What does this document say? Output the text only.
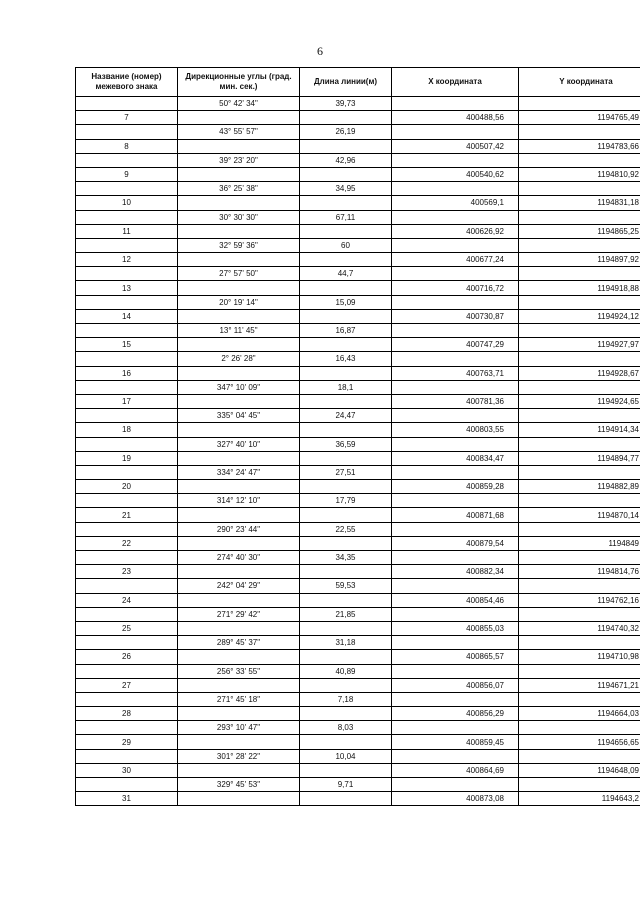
6
Название (номер) межевого знака	Дирекционные углы (град. мин. сек.)	Длина линии(м)	X координата	Y координата
	50° 42' 34"	39,73		
7			400488,56	1194765,49
	43° 55' 57"	26,19		
8			400507,42	1194783,66
	39° 23' 20"	42,96		
9			400540,62	1194810,92
	36° 25' 38"	34,95		
10			400569,1	1194831,18
	30° 30' 30"	67,11		
11			400626,92	1194865,25
	32° 59' 36"	60		
12			400677,24	1194897,92
	27° 57' 50"	44,7		
13			400716,72	1194918,88
	20° 19' 14"	15,09		
14			400730,87	1194924,12
	13° 11' 45"	16,87		
15			400747,29	1194927,97
	2° 26' 28"	16,43		
16			400763,71	1194928,67
	347° 10' 09"	18,1		
17			400781,36	1194924,65
	335° 04' 45"	24,47		
18			400803,55	1194914,34
	327° 40' 10"	36,59		
19			400834,47	1194894,77
	334° 24' 47"	27,51		
20			400859,28	1194882,89
	314° 12' 10"	17,79		
21			400871,68	1194870,14
	290° 23' 44"	22,55		
22			400879,54	1194849
	274° 40' 30"	34,35		
23			400882,34	1194814,76
	242° 04' 29"	59,53		
24			400854,46	1194762,16
	271° 29' 42"	21,85		
25			400855,03	1194740,32
	289° 45' 37"	31,18		
26			400865,57	1194710,98
	256° 33' 55"	40,89		
27			400856,07	1194671,21
	271° 45' 18"	7,18		
28			400856,29	1194664,03
	293° 10' 47"	8,03		
29			400859,45	1194656,65
	301° 28' 22"	10,04		
30			400864,69	1194648,09
	329° 45' 53"	9,71		
31			400873,08	1194643,2
